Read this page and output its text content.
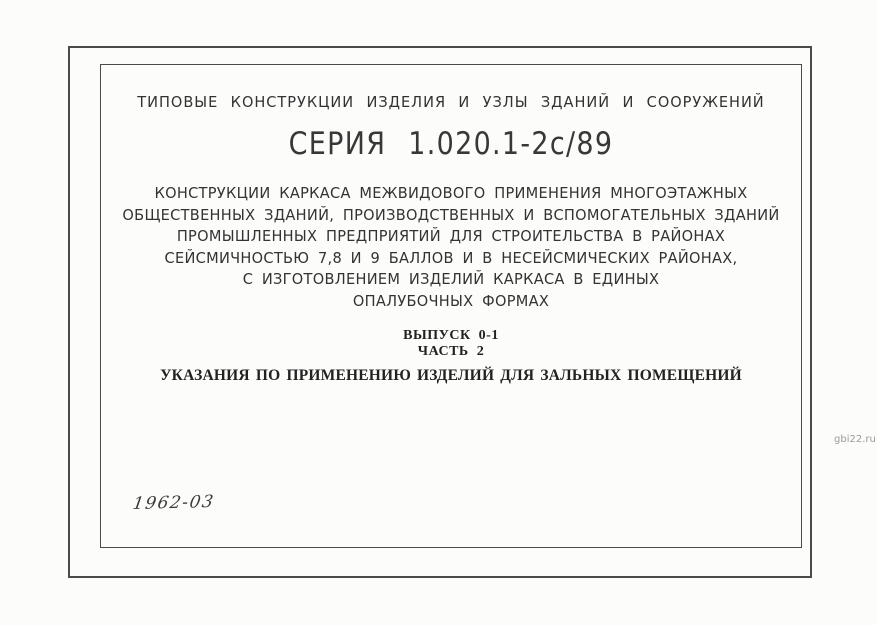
ТИПОВЫЕ КОНСТРУКЦИИ ИЗДЕЛИЯ И УЗЛЫ ЗДАНИЙ И СООРУЖЕНИЙ
СЕРИЯ 1.020.1-2с/89
КОНСТРУКЦИИ КАРКАСА МЕЖВИДОВОГО ПРИМЕНЕНИЯ МНОГОЭТАЖНЫХ
ОБЩЕСТВЕННЫХ ЗДАНИЙ, ПРОИЗВОДСТВЕННЫХ И ВСПОМОГАТЕЛЬНЫХ ЗДАНИЙ
ПРОМЫШЛЕННЫХ ПРЕДПРИЯТИЙ ДЛЯ СТРОИТЕЛЬСТВА В РАЙОНАХ
СЕЙСМИЧНОСТЬЮ 7,8 И 9 БАЛЛОВ И В НЕСЕЙСМИЧЕСКИХ РАЙОНАХ,
С ИЗГОТОВЛЕНИЕМ ИЗДЕЛИЙ КАРКАСА В ЕДИНЫХ
ОПАЛУБОЧНЫХ ФОРМАХ
ВЫПУСК 0-1
ЧАСТЬ 2
УКАЗАНИЯ ПО ПРИМЕНЕНИЮ ИЗДЕЛИЙ ДЛЯ ЗАЛЬНЫХ ПОМЕЩЕНИЙ
1962-03
gbi22.ru
